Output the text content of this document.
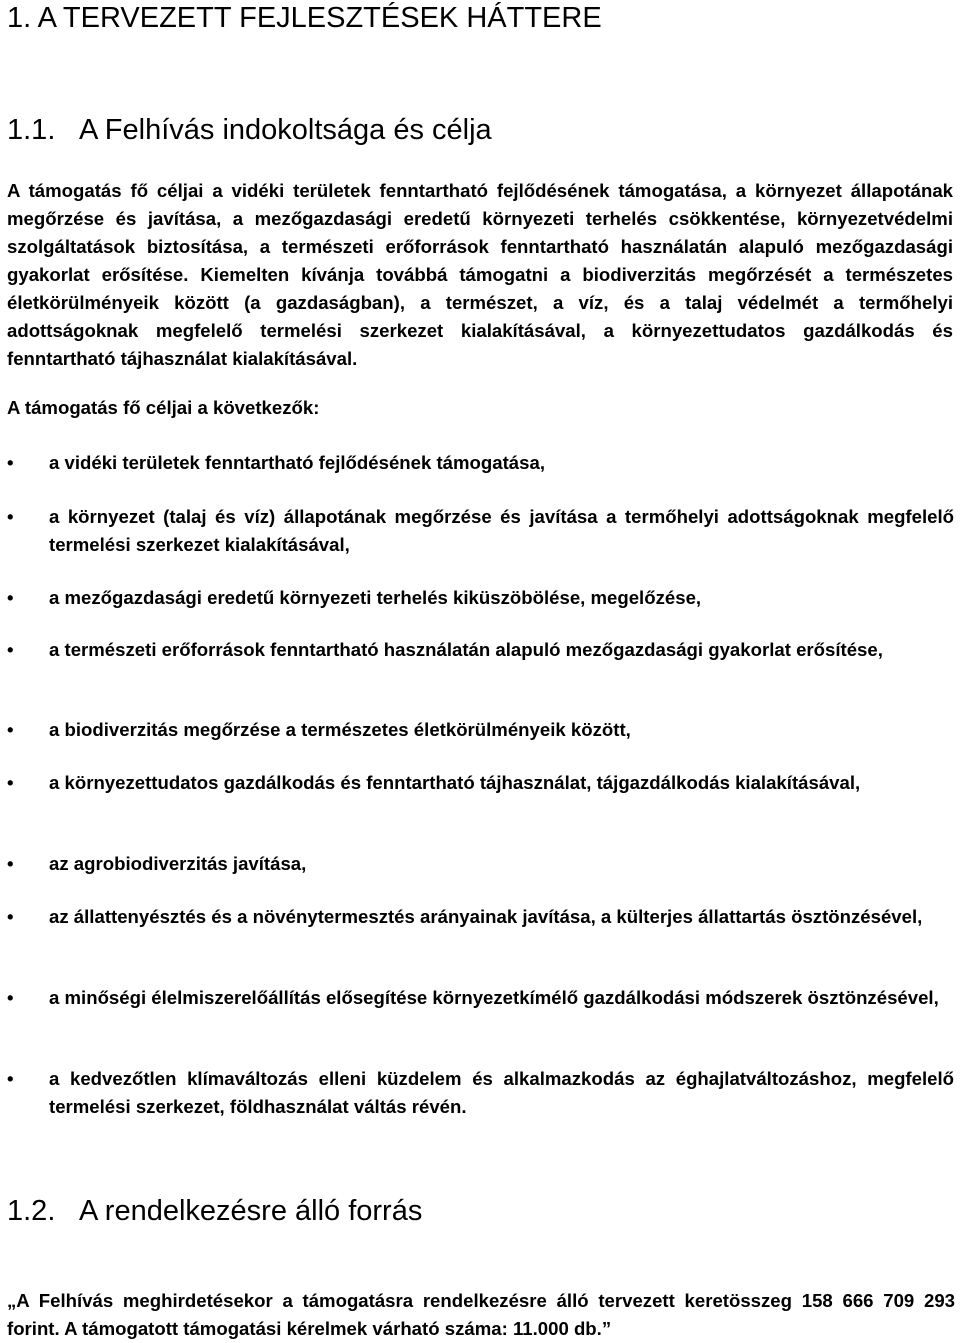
1. A TERVEZETT FEJLESZTÉSEK HÁTTERE
1.1. A Felhívás indokoltsága és célja

A támogatás fő céljai a vidéki területek fenntartható fejlődésének támogatása, a környezet állapotának megőrzése és javítása, a mezőgazdasági eredetű környezeti terhelés csökkentése, környezetvédelmi szolgáltatások biztosítása, a természeti erőforrások fenntartható használatán alapuló mezőgazdasági gyakorlat erősítése. Kiemelten kívánja továbbá támogatni a biodiverzitás megőrzését a természetes életkörülményeik között (a gazdaságban), a természet, a víz, és a talaj védelmét a termőhelyi adottságoknak megfelelő termelési szerkezet kialakításával, a környezettudatos gazdálkodás és fenntartható tájhasználat kialakításával.

A támogatás fő céljai a következők:

• a vidéki területek fenntartható fejlődésének támogatása,
• a környezet (talaj és víz) állapotának megőrzése és javítása a termőhelyi adottságoknak megfelelő termelési szerkezet kialakításával,
• a mezőgazdasági eredetű környezeti terhelés kiküszöbölése, megelőzése,
• a természeti erőforrások fenntartható használatán alapuló mezőgazdasági gyakorlat erősítése,
• a biodiverzitás megőrzése a természetes életkörülményeik között,
• a környezettudatos gazdálkodás és fenntartható tájhasználat, tájgazdálkodás kialakításával,
• az agrobiodiverzitás javítása,
• az állattenyésztés és a növénytermesztés arányainak javítása, a külterjes állattartás ösztönzésével,
• a minőségi élelmiszerelőállítás elősegítése környezetkímélő gazdálkodási módszerek ösztönzésével,
• a kedvezőtlen klímaváltozás elleni küzdelem és alkalmazkodás az éghajlatváltozáshoz, megfelelő termelési szerkezet, földhasználat váltás révén.
1.2. A rendelkezésre álló forrás

„A Felhívás meghirdetésekor a támogatásra rendelkezésre álló tervezett keretösszeg 158 666 709 293 forint. A támogatott támogatási kérelmek várható száma: 11.000 db.”
